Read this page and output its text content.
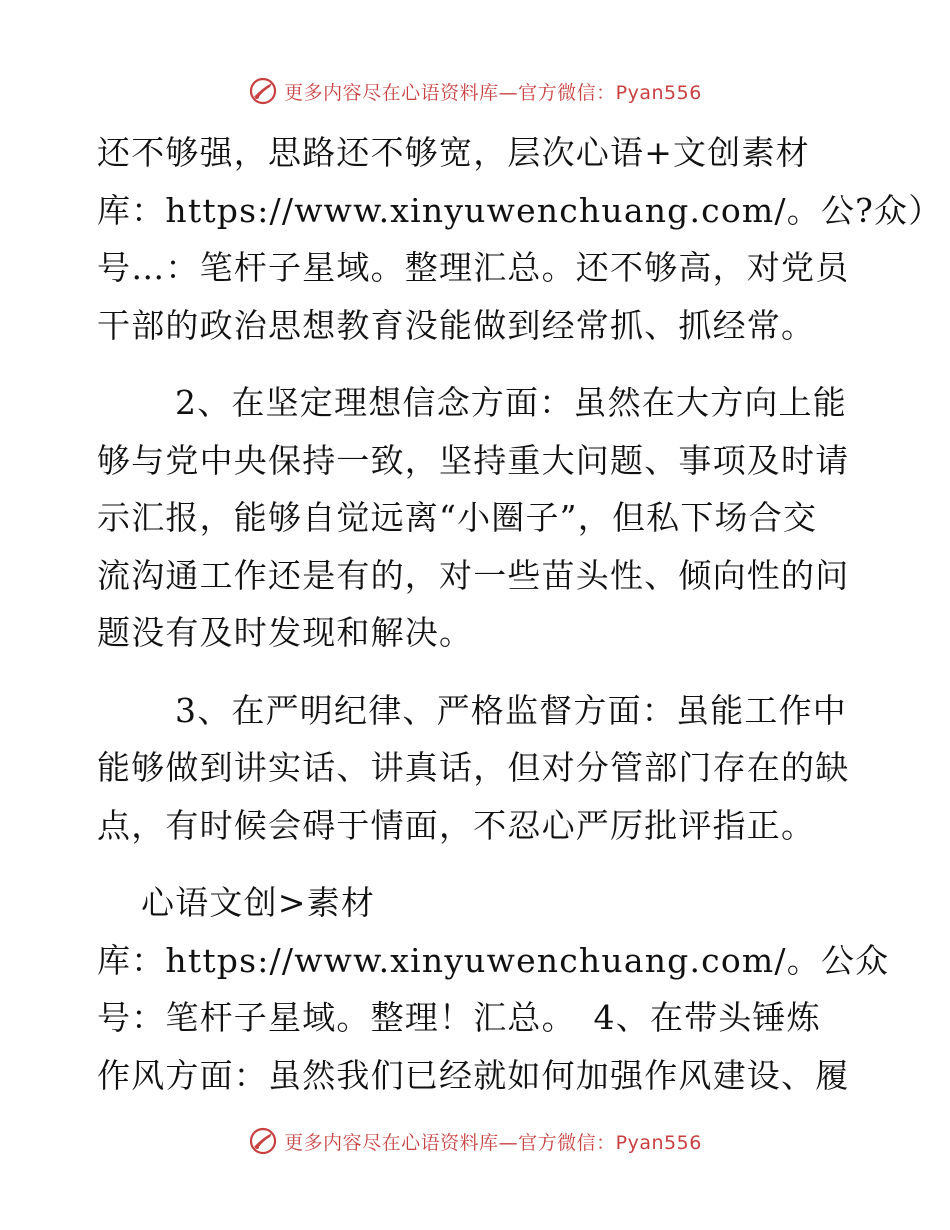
更多内容尽在心语资料库—官方微信：Pyan556

还不够强，思路还不够宽，层次心语+文创素材

库：https://www.xinyuwenchuang.com/。公?众）

号…：笔杆子星域。整理汇总。还不够高，对党员

干部的政治思想教育没能做到经常抓、抓经常。

2、在坚定理想信念方面：虽然在大方向上能

够与党中央保持一致，坚持重大问题、事项及时请

示汇报，能够自觉远离“小圈子”，但私下场合交

流沟通工作还是有的，对一些苗头性、倾向性的问

题没有及时发现和解决。

3、在严明纪律、严格监督方面：虽能工作中

能够做到讲实话、讲真话，但对分管部门存在的缺

点，有时候会碍于情面，不忍心严厉批评指正。

心语文创>素材

库：https://www.xinyuwenchuang.com/。公众

号：笔杆子星域。整理！汇总。　4、在带头锤炼

作风方面：虽然我们已经就如何加强作风建设、履

更多内容尽在心语资料库—官方微信：Pyan556
